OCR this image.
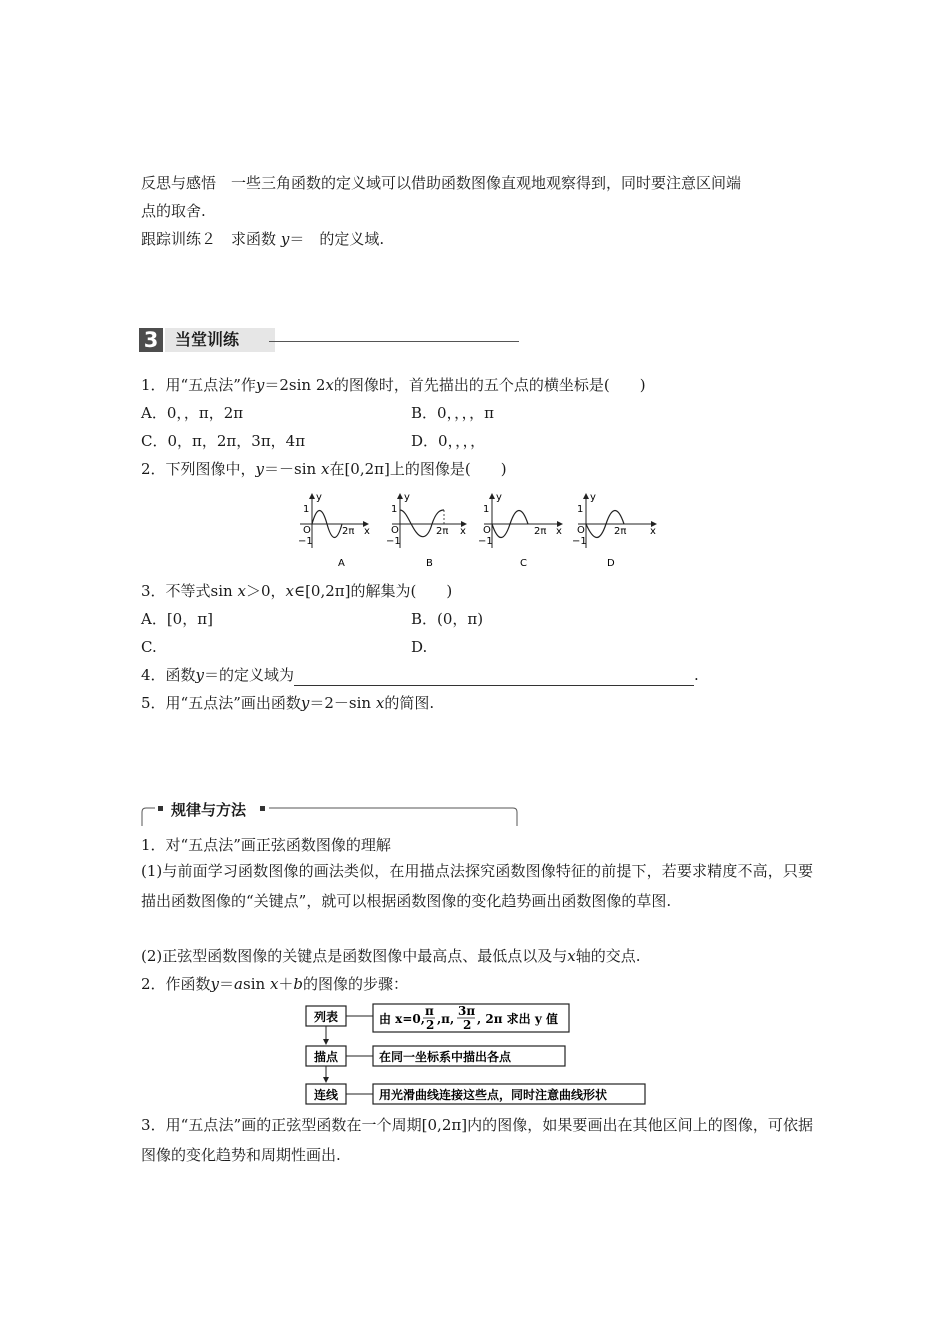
反思与感悟　 一些三角函数的定义域可以借助函数图像直观地观察得到，同时要注意区间端
点的取舍.
跟踪训练２　 求函数 y＝　 的定义域.
3	当堂训练
1．用“五点法”作y＝2sin 2x的图像时，首先描出的五个点的横坐标是(　　)
A．0，，π，2π	B．0，，，，π
C．0，π，2π，3π，4π	D．0，，，，
2．下列图像中，y＝－sin x在[0,2π]上的图像是(　　)
y
1
O
−1
2π x
A
y
1
O
−1
2π x
B
y
1
O
−1
2π x
C
y
1
O
−1
2π x
D
3．不等式sin x＞0，x∈[0,2π]的解集为(　　)
A．[0，π]	B．(0，π)
C.	D.
4．函数y＝的定义域为	.
5．用“五点法”画出函数y＝2－sin x的简图.
规律与方法
1．对“五点法”画正弦函数图像的理解
(1)与前面学习函数图像的画法类似，在用描点法探究函数图像特征的前提下，若要求精度不高，只要描出函数图像的“关键点”，就可以根据函数图像的变化趋势画出函数图像的草图.
(2)正弦型函数图像的关键点是函数图像中最高点、最低点以及与x轴的交点.
2．作函数y＝asin x＋b的图像的步骤：
列表	由 x=0,
π
2 ,π,
3π
2 , 2π 求出 y 值
描点	在同一坐标系中描出各点
连线	用光滑曲线连接这些点，同时注意曲线形状
3．用“五点法”画的正弦型函数在一个周期[0,2π]内的图像，如果要画出在其他区间上的图像，可依据图像的变化趋势和周期性画出.
